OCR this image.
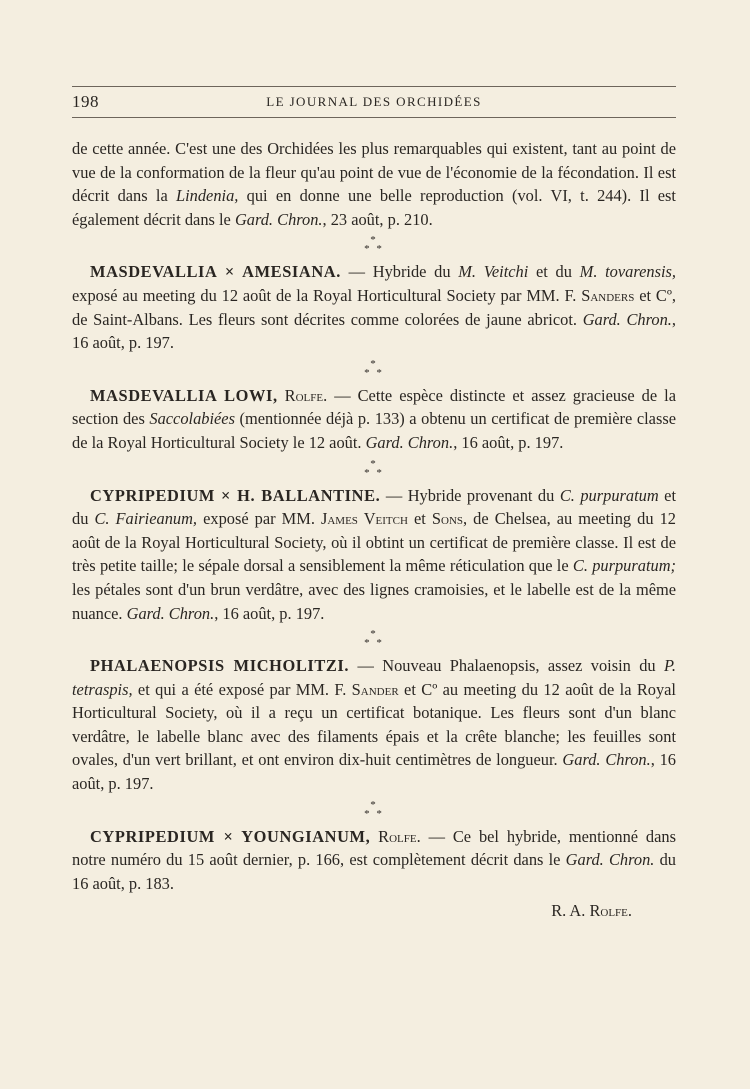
198	LE JOURNAL DES ORCHIDÉES

de cette année. C'est une des Orchidées les plus remarquables qui existent, tant au point de vue de la conformation de la fleur qu'au point de vue de l'économie de la fécondation. Il est décrit dans la Lindenia, qui en donne une belle reproduction (vol. VI, t. 244). Il est également décrit dans le Gard. Chron., 23 août, p. 210.

*
* *

MASDEVALLIA × AMESIANA. — Hybride du M. Veitchi et du M. tovarensis, exposé au meeting du 12 août de la Royal Horticultural Society par MM. F. Sanders et Cº, de Saint-Albans. Les fleurs sont décrites comme colorées de jaune abricot. Gard. Chron., 16 août, p. 197.

*
* *

MASDEVALLIA LOWI, Rolfe. — Cette espèce distincte et assez gracieuse de la section des Saccolabiées (mentionnée déjà p. 133) a obtenu un certificat de première classe de la Royal Horticultural Society le 12 août. Gard. Chron., 16 août, p. 197.

*
* *

CYPRIPEDIUM × H. BALLANTINE. — Hybride provenant du C. purpuratum et du C. Fairieanum, exposé par MM. James Veitch et Sons, de Chelsea, au meeting du 12 août de la Royal Horticultural Society, où il obtint un certificat de première classe. Il est de très petite taille; le sépale dorsal a sensiblement la même réticulation que le C. purpuratum; les pétales sont d'un brun verdâtre, avec des lignes cramoisies, et le labelle est de la même nuance. Gard. Chron., 16 août, p. 197.

*
* *

PHALAENOPSIS MICHOLITZI. — Nouveau Phalaenopsis, assez voisin du P. tetraspis, et qui a été exposé par MM. F. Sander et Cº au meeting du 12 août de la Royal Horticultural Society, où il a reçu un certificat botanique. Les fleurs sont d'un blanc verdâtre, le labelle blanc avec des filaments épais et la crête blanche; les feuilles sont ovales, d'un vert brillant, et ont environ dix-huit centimètres de longueur. Gard. Chron., 16 août, p. 197.

*
* *

CYPRIPEDIUM × YOUNGIANUM, Rolfe. — Ce bel hybride, mentionné dans notre numéro du 15 août dernier, p. 166, est complètement décrit dans le Gard. Chron. du 16 août, p. 183.

R. A. Rolfe.
